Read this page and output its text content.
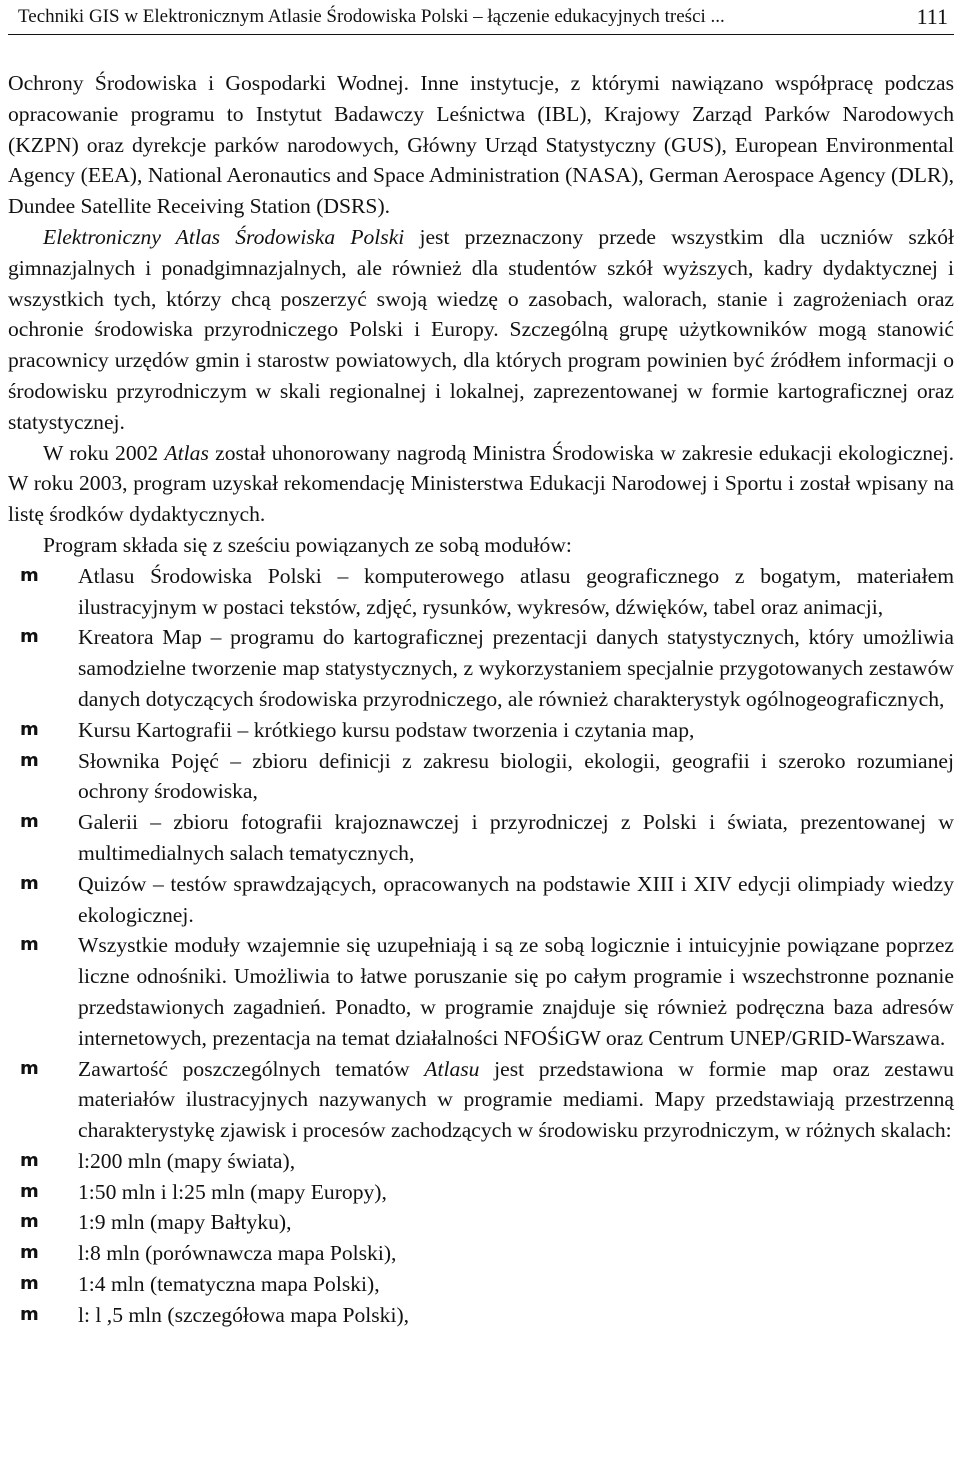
Techniki GIS w Elektronicznym Atlasie Środowiska Polski – łączenie edukacyjnych treści ...	111

Ochrony Środowiska i Gospodarki Wodnej. Inne instytucje, z którymi nawiązano współpracę podczas opracowanie programu to Instytut Badawczy Leśnictwa (IBL), Krajowy Zarząd Parków Narodowych (KZPN) oraz dyrekcje parków narodowych, Główny Urząd Statystyczny (GUS), European Environmental Agency (EEA), National Aeronautics and Space Administration (NASA), German Aerospace Agency (DLR), Dundee Satellite Receiving Station (DSRS).

Elektroniczny Atlas Środowiska Polski jest przeznaczony przede wszystkim dla uczniów szkół gimnazjalnych i ponadgimnazjalnych, ale również dla studentów szkół wyższych, kadry dydaktycznej i wszystkich tych, którzy chcą poszerzyć swoją wiedzę o zasobach, walorach, stanie i zagrożeniach oraz ochronie środowiska przyrodniczego Polski i Europy. Szczególną grupę użytkowników mogą stanowić pracownicy urzędów gmin i starostw powiatowych, dla których program powinien być źródłem informacji o środowisku przyrodniczym w skali regionalnej i lokalnej, zaprezentowanej w formie kartograficznej oraz statystycznej.

W roku 2002 Atlas został uhonorowany nagrodą Ministra Środowiska w zakresie edukacji ekologicznej. W roku 2003, program uzyskał rekomendację Ministerstwa Edukacji Narodowej i Sportu i został wpisany na listę środków dydaktycznych.

Program składa się z sześciu powiązanych ze sobą modułów:

m Atlasu Środowiska Polski – komputerowego atlasu geograficznego z bogatym, materiałem ilustracyjnym w postaci tekstów, zdjęć, rysunków, wykresów, dźwięków, tabel oraz animacji,
m Kreatora Map – programu do kartograficznej prezentacji danych statystycznych, który umożliwia samodzielne tworzenie map statystycznych, z wykorzystaniem specjalnie przygotowanych zestawów danych dotyczących środowiska przyrodniczego, ale również charakterystyk ogólnogeograficznych,
m Kursu Kartografii – krótkiego kursu podstaw tworzenia i czytania map,
m Słownika Pojęć – zbioru definicji z zakresu biologii, ekologii, geografii i szeroko rozumianej ochrony środowiska,
m Galerii – zbioru fotografii krajoznawczej i przyrodniczej z Polski i świata, prezentowanej w multimedialnych salach tematycznych,
m Quizów – testów sprawdzających, opracowanych na podstawie XIII i XIV edycji olimpiady wiedzy ekologicznej.

m Wszystkie moduły wzajemnie się uzupełniają i są ze sobą logicznie i intuicyjnie powiązane poprzez liczne odnośniki. Umożliwia to łatwe poruszanie się po całym programie i wszechstronne poznanie przedstawionych zagadnień. Ponadto, w programie znajduje się również podręczna baza adresów internetowych, prezentacja na temat działalności NFOŚiGW oraz Centrum UNEP/GRID-Warszawa.

m Zawartość poszczególnych tematów Atlasu jest przedstawiona w formie map oraz zestawu materiałów ilustracyjnych nazywanych w programie mediami. Mapy przedstawiają przestrzenną charakterystykę zjawisk i procesów zachodzących w środowisku przyrodniczym, w różnych skalach:

m l:200 mln (mapy świata),
m 1:50 mln i l:25 mln (mapy Europy),
m 1:9 mln (mapy Bałtyku),
m l:8 mln (porównawcza mapa Polski),
m 1:4 mln (tematyczna mapa Polski),
m l: l ,5 mln (szczegółowa mapa Polski),
